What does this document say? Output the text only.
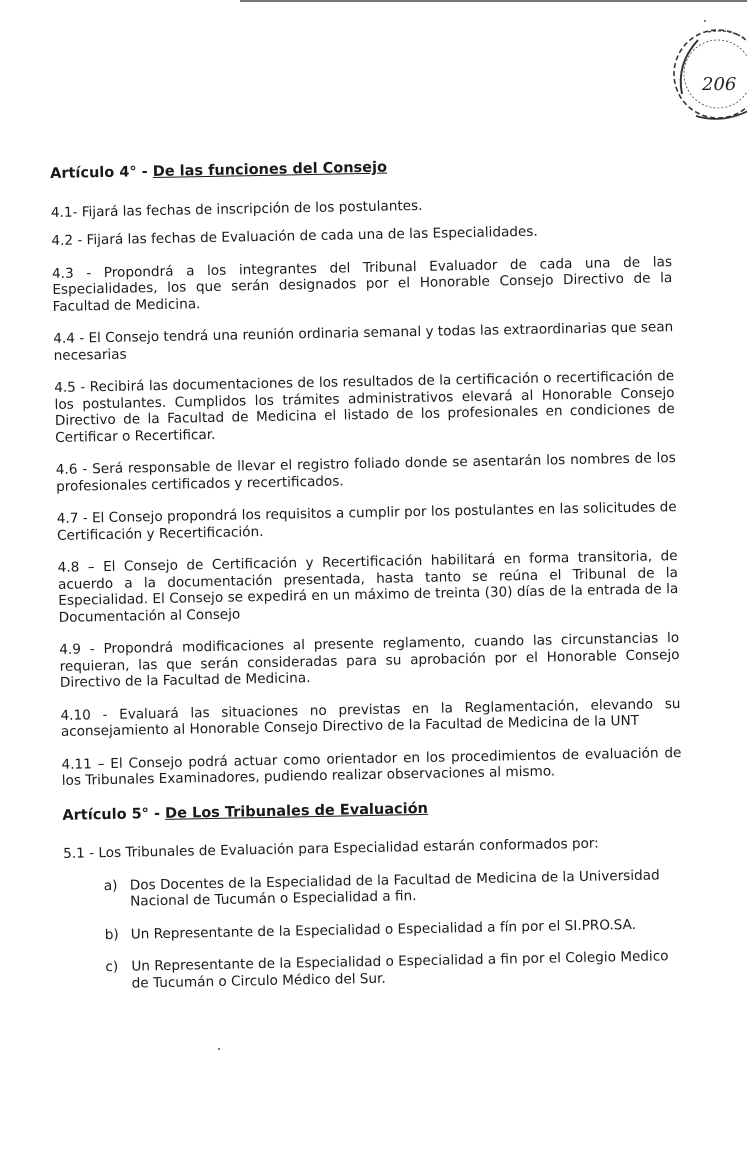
206
Artículo 4° - De las funciones del Consejo

4.1- Fijará las fechas de inscripción de los postulantes.

4.2 - Fijará las fechas de Evaluación de cada una de las Especialidades.

4.3 - Propondrá a los integrantes del Tribunal Evaluador de cada una de las Especialidades, los que serán designados por el Honorable Consejo Directivo de la Facultad de Medicina.

4.4 - El Consejo tendrá una reunión ordinaria semanal y todas las extraordinarias que sean necesarias

4.5 - Recibirá las documentaciones de los resultados de la certificación o recertificación de los postulantes. Cumplidos los trámites administrativos elevará al Honorable Consejo Directivo de la Facultad de Medicina el listado de los profesionales en condiciones de Certificar o Recertificar.

4.6 - Será responsable de llevar el registro foliado donde se asentarán los nombres de los profesionales certificados y recertificados.

4.7 - El Consejo propondrá los requisitos a cumplir por los postulantes en las solicitudes de Certificación y Recertificación.

4.8 – El Consejo de Certificación y Recertificación habilitará en forma transitoria, de acuerdo a la documentación presentada, hasta tanto se reúna el Tribunal de la Especialidad. El Consejo se expedirá en un máximo de treinta (30) días de la entrada de la Documentación al Consejo

4.9 - Propondrá modificaciones al presente reglamento, cuando las circunstancias lo requieran, las que serán consideradas para su aprobación por el Honorable Consejo Directivo de la Facultad de Medicina.

4.10 - Evaluará las situaciones no previstas en la Reglamentación, elevando su aconsejamiento al Honorable Consejo Directivo de la Facultad de Medicina de la UNT

4.11 – El Consejo podrá actuar como orientador en los procedimientos de evaluación de los Tribunales Examinadores, pudiendo realizar observaciones al mismo.

Artículo 5° - De Los Tribunales de Evaluación

5.1 - Los Tribunales de Evaluación para Especialidad estarán conformados por:

a) Dos Docentes de la Especialidad de la Facultad de Medicina de la Universidad Nacional de Tucumán o Especialidad a fin.
b) Un Representante de la Especialidad o Especialidad a fín por el SI.PRO.SA.
c) Un Representante de la Especialidad o Especialidad a fin por el Colegio Medico de Tucumán o Circulo Médico del Sur.
